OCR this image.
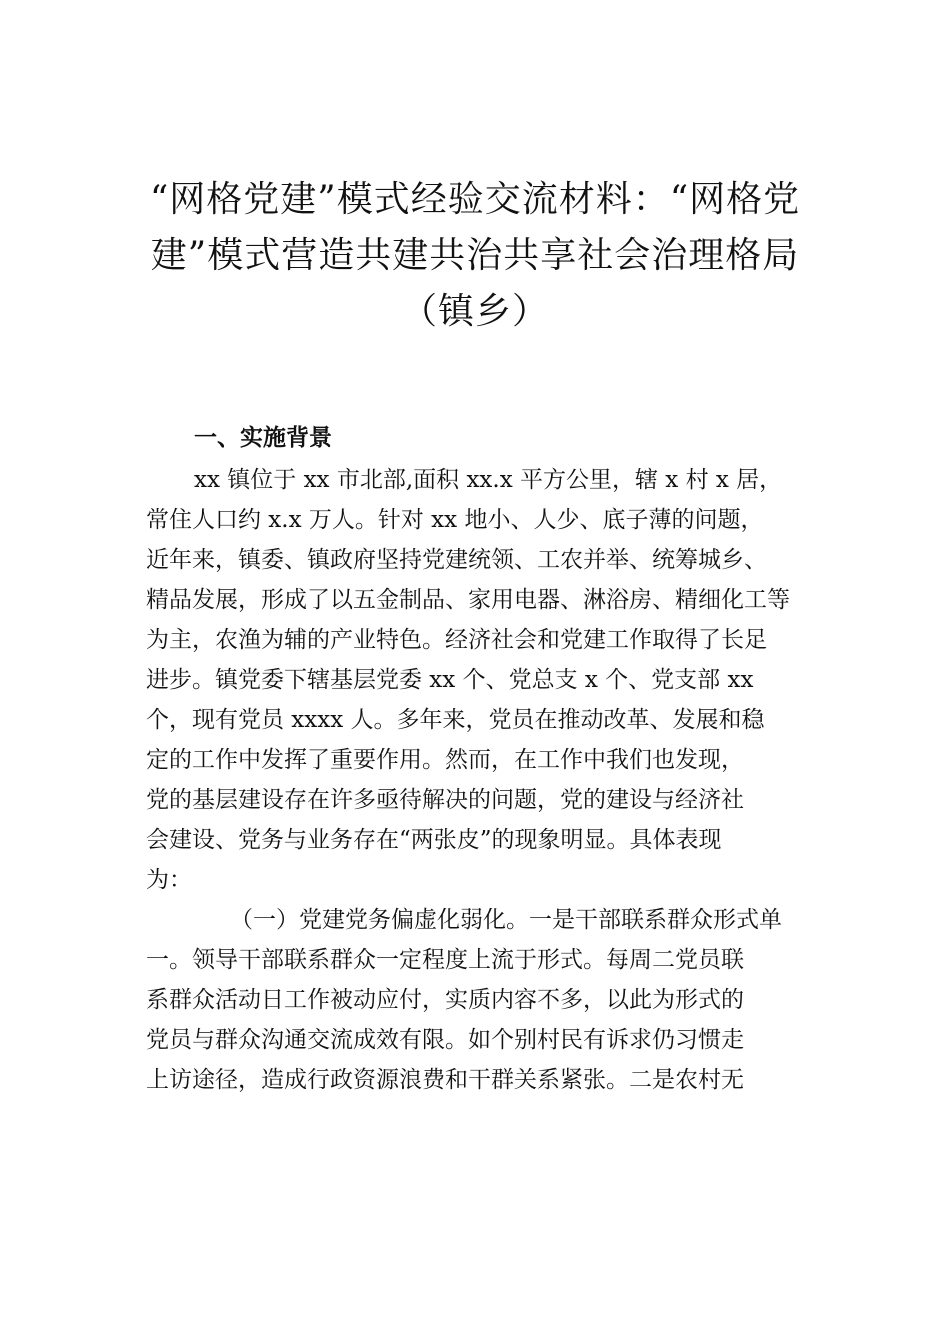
“网格党建”模式经验交流材料：“网格党
建”模式营造共建共治共享社会治理格局
（镇乡）
一、实施背景
xx 镇位于 xx 市北部,面积 xx.x 平方公里，辖 x 村 x 居，
常住人口约 x.x 万人。针对 xx 地小、人少、底子薄的问题，
近年来，镇委、镇政府坚持党建统领、工农并举、统筹城乡、
精品发展，形成了以五金制品、家用电器、淋浴房、精细化工等
为主，农渔为辅的产业特色。经济社会和党建工作取得了长足
进步。镇党委下辖基层党委 xx 个、党总支 x 个、党支部 xx
个，现有党员 xxxx 人。多年来，党员在推动改革、发展和稳
定的工作中发挥了重要作用。然而，在工作中我们也发现，
党的基层建设存在许多亟待解决的问题，党的建设与经济社
会建设、党务与业务存在“两张皮”的现象明显。具体表现
为：
（一）党建党务偏虚化弱化。一是干部联系群众形式单
一。领导干部联系群众一定程度上流于形式。每周二党员联
系群众活动日工作被动应付，实质内容不多，以此为形式的
党员与群众沟通交流成效有限。如个别村民有诉求仍习惯走
上访途径，造成行政资源浪费和干群关系紧张。二是农村无
